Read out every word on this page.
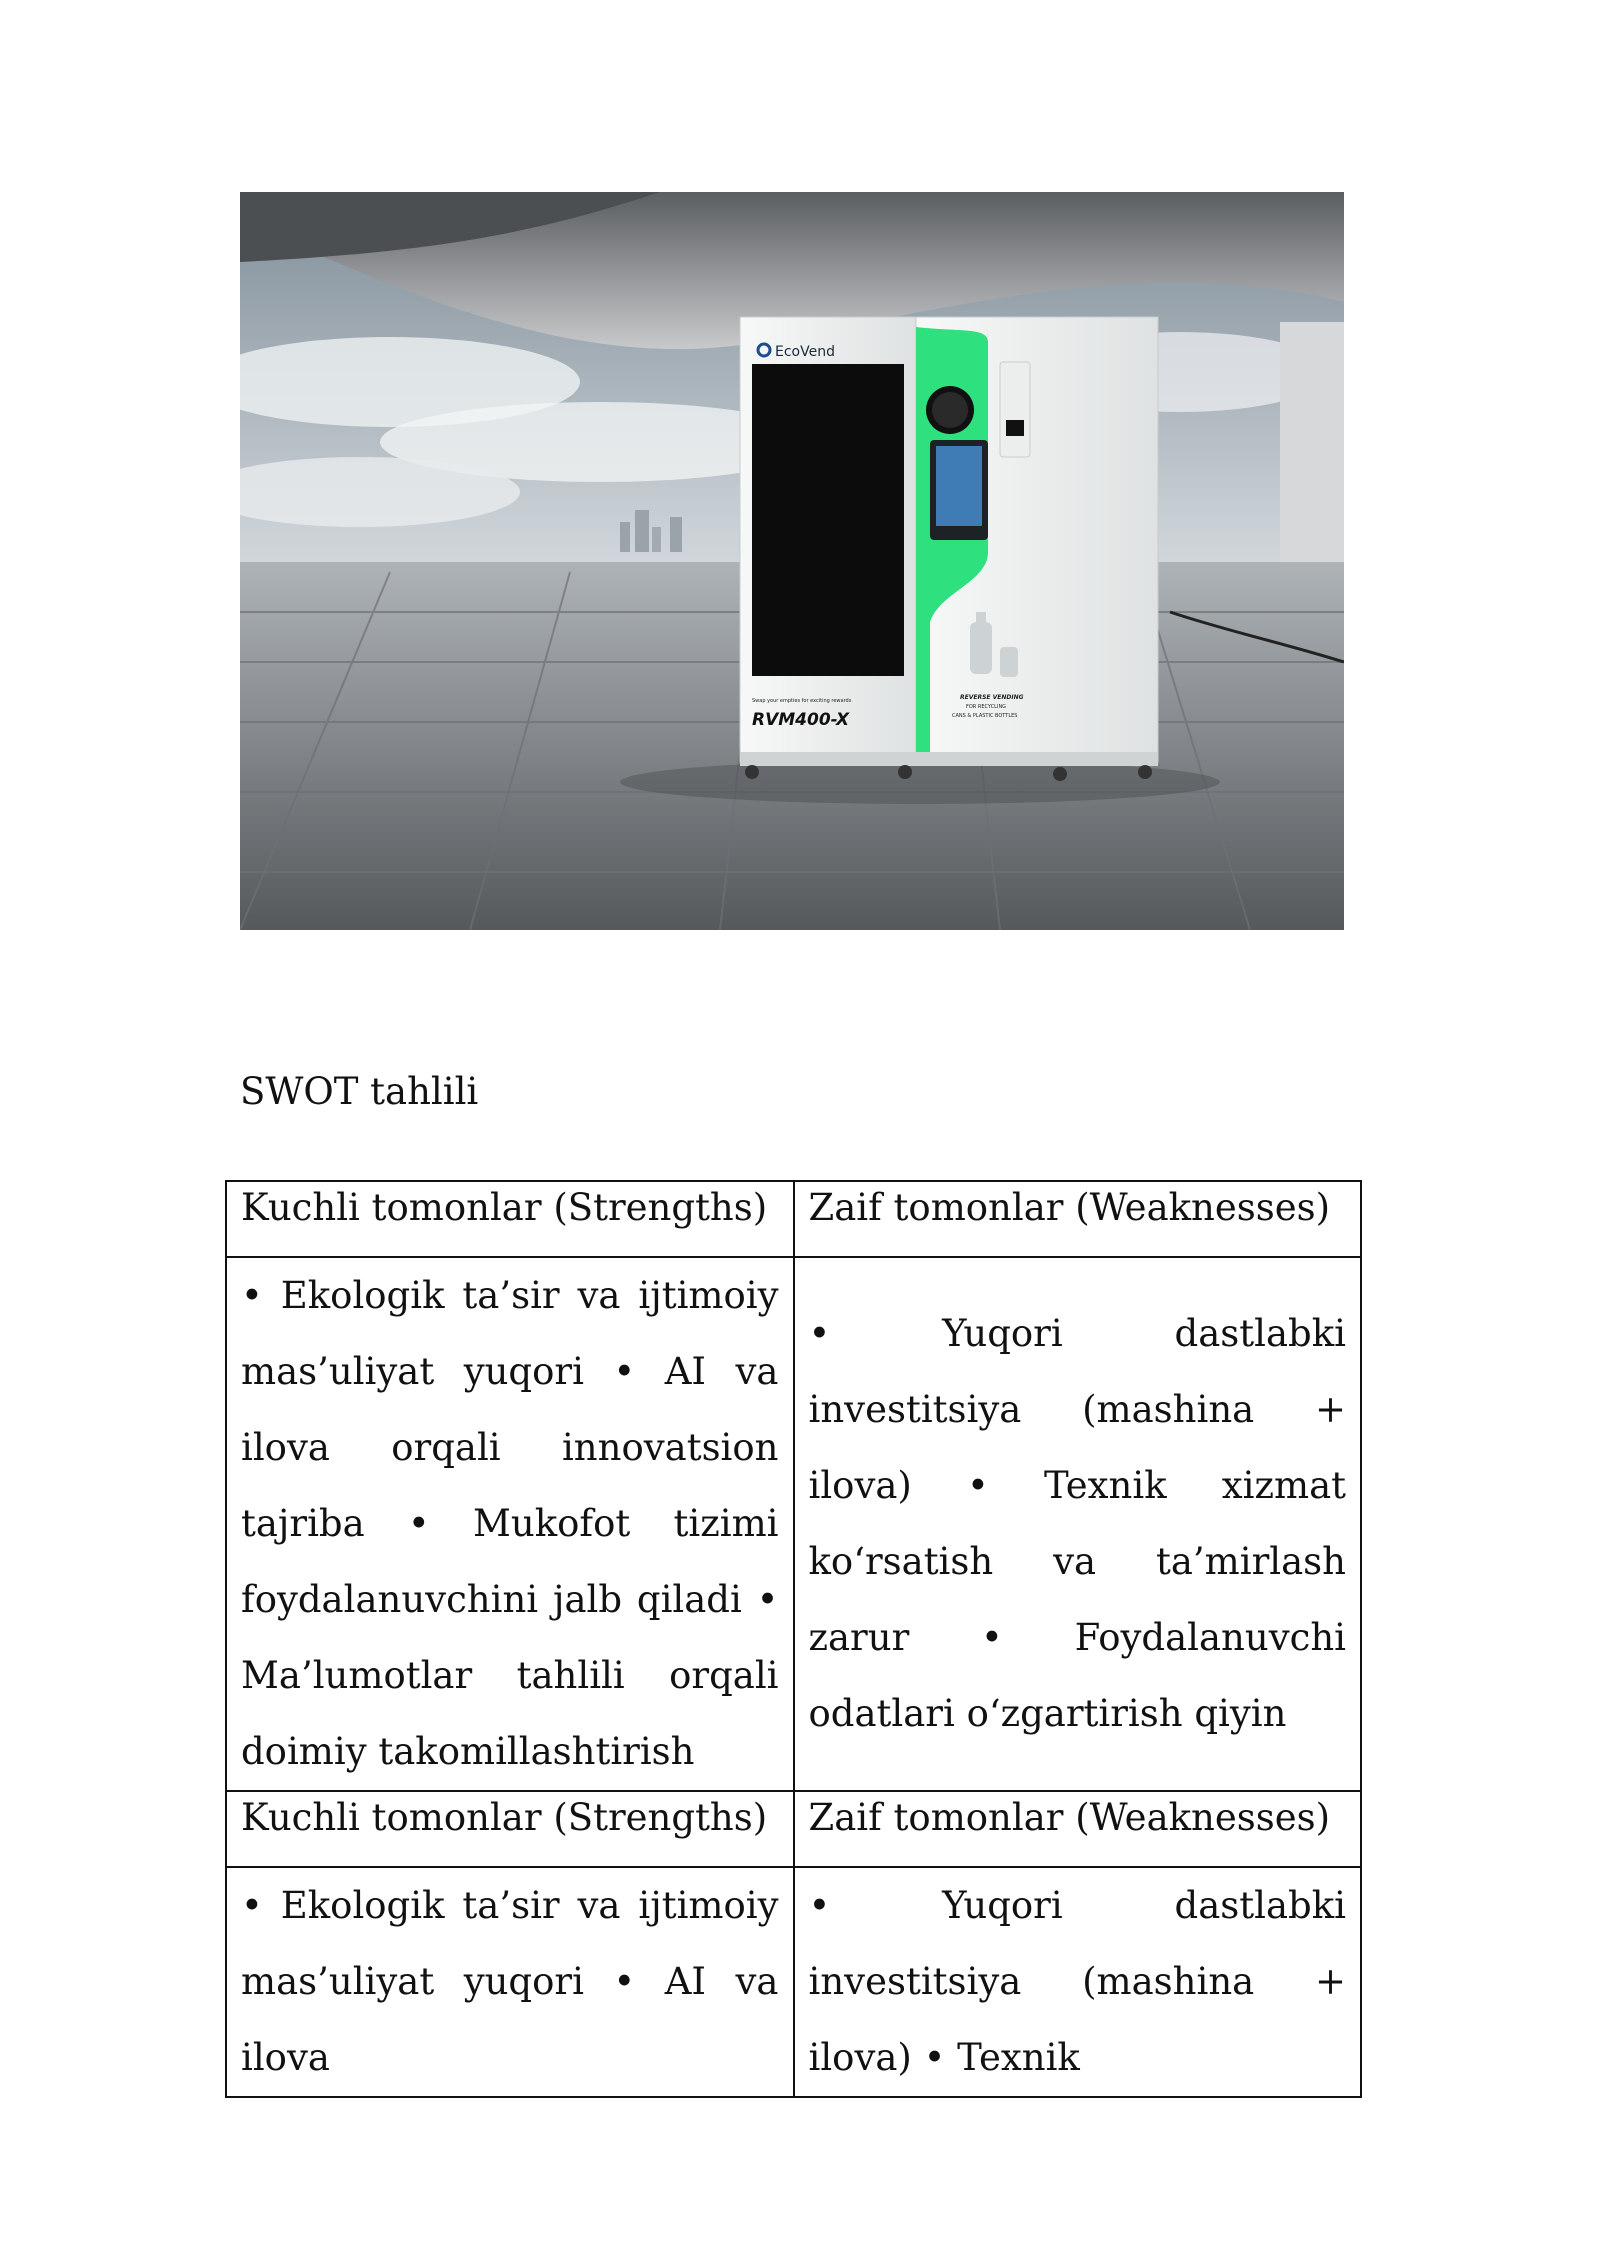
EcoVend
Swap your empties for exciting rewards
RVM400-X
REVERSE VENDING
FOR RECYCLING
CANS & PLASTIC BOTTLES
SWOT tahlili
Kuchli tomonlar (Strengths)	Zaif tomonlar (Weaknesses)
• Ekologik ta’sir va ijtimoiy mas’uliyat yuqori • AI va ilova orqali innovatsion tajriba • Mukofot tizimi foydalanuvchini jalb qiladi • Ma’lumotlar tahlili orqali doimiy takomillashtirish	• Yuqori dastlabki investitsiya (mashina + ilova) • Texnik xizmat ko‘rsatish va ta’mirlash zarur • Foydalanuvchi odatlari o‘zgartirish qiyin
Kuchli tomonlar (Strengths)	Zaif tomonlar (Weaknesses)
• Ekologik ta’sir va ijtimoiy mas’uliyat yuqori • AI va ilova	• Yuqori dastlabki investitsiya (mashina + ilova) • Texnik
